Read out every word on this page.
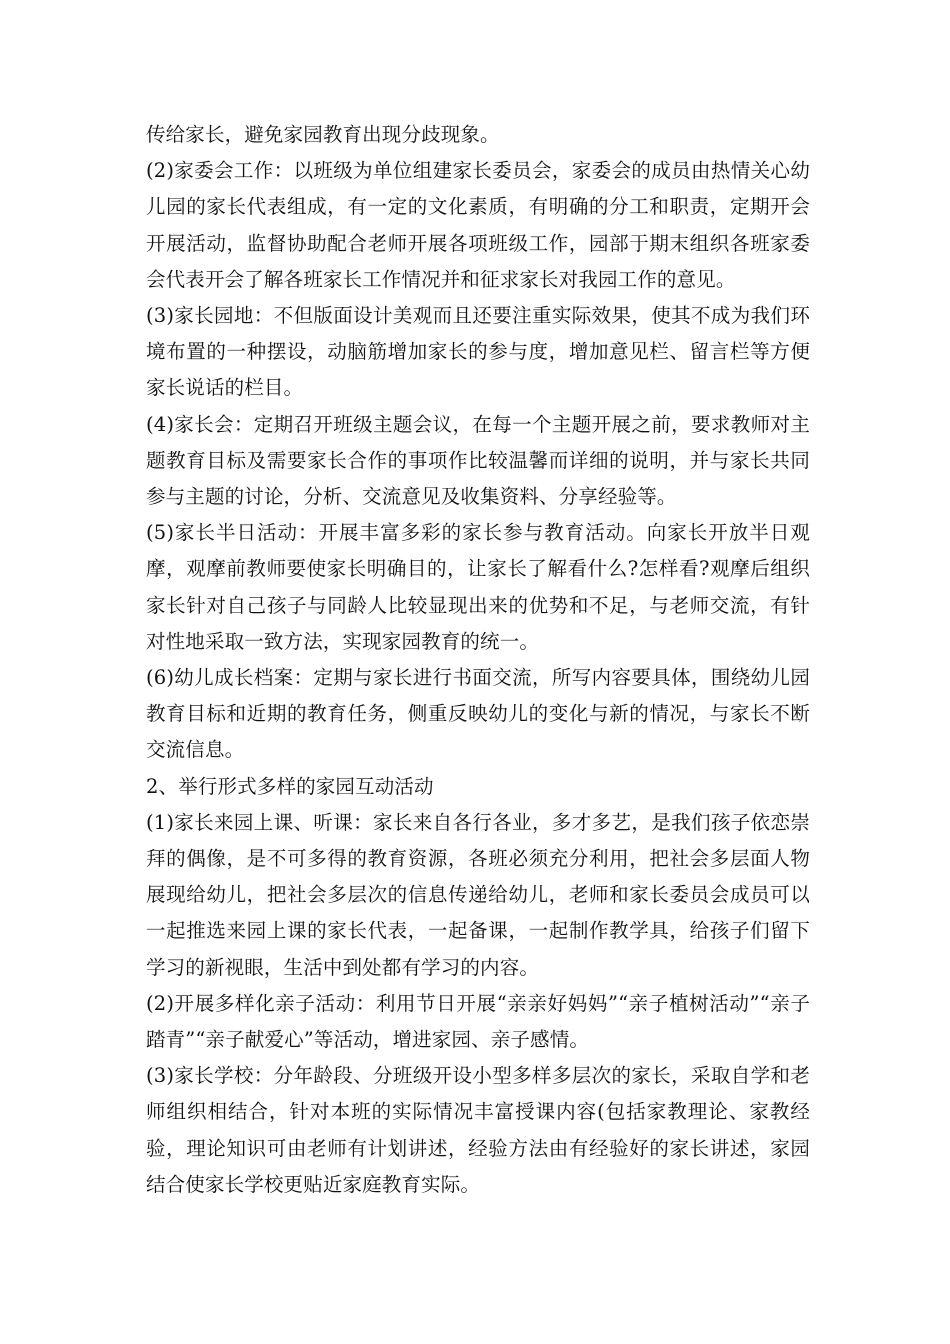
传给家长，避免家园教育出现分歧现象。

(2)家委会工作：以班级为单位组建家长委员会，家委会的成员由热情关心幼儿园的家长代表组成，有一定的文化素质，有明确的分工和职责，定期开会开展活动，监督协助配合老师开展各项班级工作，园部于期末组织各班家委会代表开会了解各班家长工作情况并和征求家长对我园工作的意见。

(3)家长园地：不但版面设计美观而且还要注重实际效果，使其不成为我们环境布置的一种摆设，动脑筋增加家长的参与度，增加意见栏、留言栏等方便家长说话的栏目。

(4)家长会：定期召开班级主题会议，在每一个主题开展之前，要求教师对主题教育目标及需要家长合作的事项作比较温馨而详细的说明，并与家长共同参与主题的讨论，分析、交流意见及收集资料、分享经验等。

(5)家长半日活动：开展丰富多彩的家长参与教育活动。向家长开放半日观摩，观摩前教师要使家长明确目的，让家长了解看什么?怎样看?观摩后组织家长针对自己孩子与同龄人比较显现出来的优势和不足，与老师交流，有针对性地采取一致方法，实现家园教育的统一。

(6)幼儿成长档案：定期与家长进行书面交流，所写内容要具体，围绕幼儿园教育目标和近期的教育任务，侧重反映幼儿的变化与新的情况，与家长不断交流信息。

2、举行形式多样的家园互动活动

(1)家长来园上课、听课：家长来自各行各业，多才多艺，是我们孩子依恋崇拜的偶像，是不可多得的教育资源，各班必须充分利用，把社会多层面人物展现给幼儿，把社会多层次的信息传递给幼儿，老师和家长委员会成员可以一起推选来园上课的家长代表，一起备课，一起制作教学具，给孩子们留下学习的新视眼，生活中到处都有学习的内容。

(2)开展多样化亲子活动：利用节日开展“亲亲好妈妈”“亲子植树活动”“亲子踏青”“亲子献爱心”等活动，增进家园、亲子感情。

(3)家长学校：分年龄段、分班级开设小型多样多层次的家长，采取自学和老师组织相结合，针对本班的实际情况丰富授课内容(包括家教理论、家教经验，理论知识可由老师有计划讲述，经验方法由有经验好的家长讲述，家园结合使家长学校更贴近家庭教育实际。
